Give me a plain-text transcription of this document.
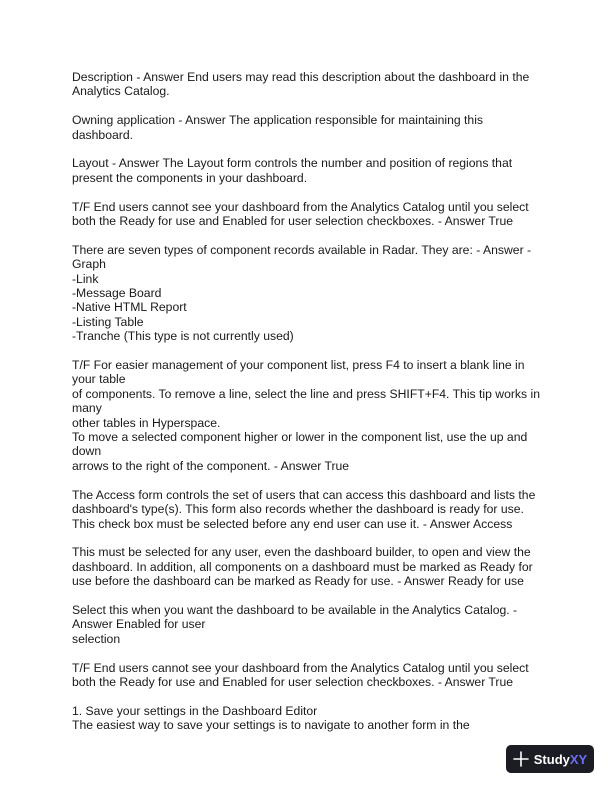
Description - Answer End users may read this description about the dashboard in the
Analytics Catalog.
Owning application - Answer The application responsible for maintaining this
dashboard.
Layout - Answer The Layout form controls the number and position of regions that
present the components in your dashboard.
T/F End users cannot see your dashboard from the Analytics Catalog until you select
both the Ready for use and Enabled for user selection checkboxes. - Answer True
There are seven types of component records available in Radar. They are: - Answer -
Graph
-Link
-Message Board
-Native HTML Report
-Listing Table
-Tranche (This type is not currently used)
T/F For easier management of your component list, press F4 to insert a blank line in
your table
of components. To remove a line, select the line and press SHIFT+F4. This tip works in
many
other tables in Hyperspace.
To move a selected component higher or lower in the component list, use the up and
down
arrows to the right of the component. - Answer True
The Access form controls the set of users that can access this dashboard and lists the
dashboard's type(s). This form also records whether the dashboard is ready for use.
This check box must be selected before any end user can use it. - Answer Access
This must be selected for any user, even the dashboard builder, to open and view the
dashboard. In addition, all components on a dashboard must be marked as Ready for
use before the dashboard can be marked as Ready for use. - Answer Ready for use
Select this when you want the dashboard to be available in the Analytics Catalog. -
Answer Enabled for user
selection
T/F End users cannot see your dashboard from the Analytics Catalog until you select
both the Ready for use and Enabled for user selection checkboxes. - Answer True
1. Save your settings in the Dashboard Editor
The easiest way to save your settings is to navigate to another form in the
StudyXY
